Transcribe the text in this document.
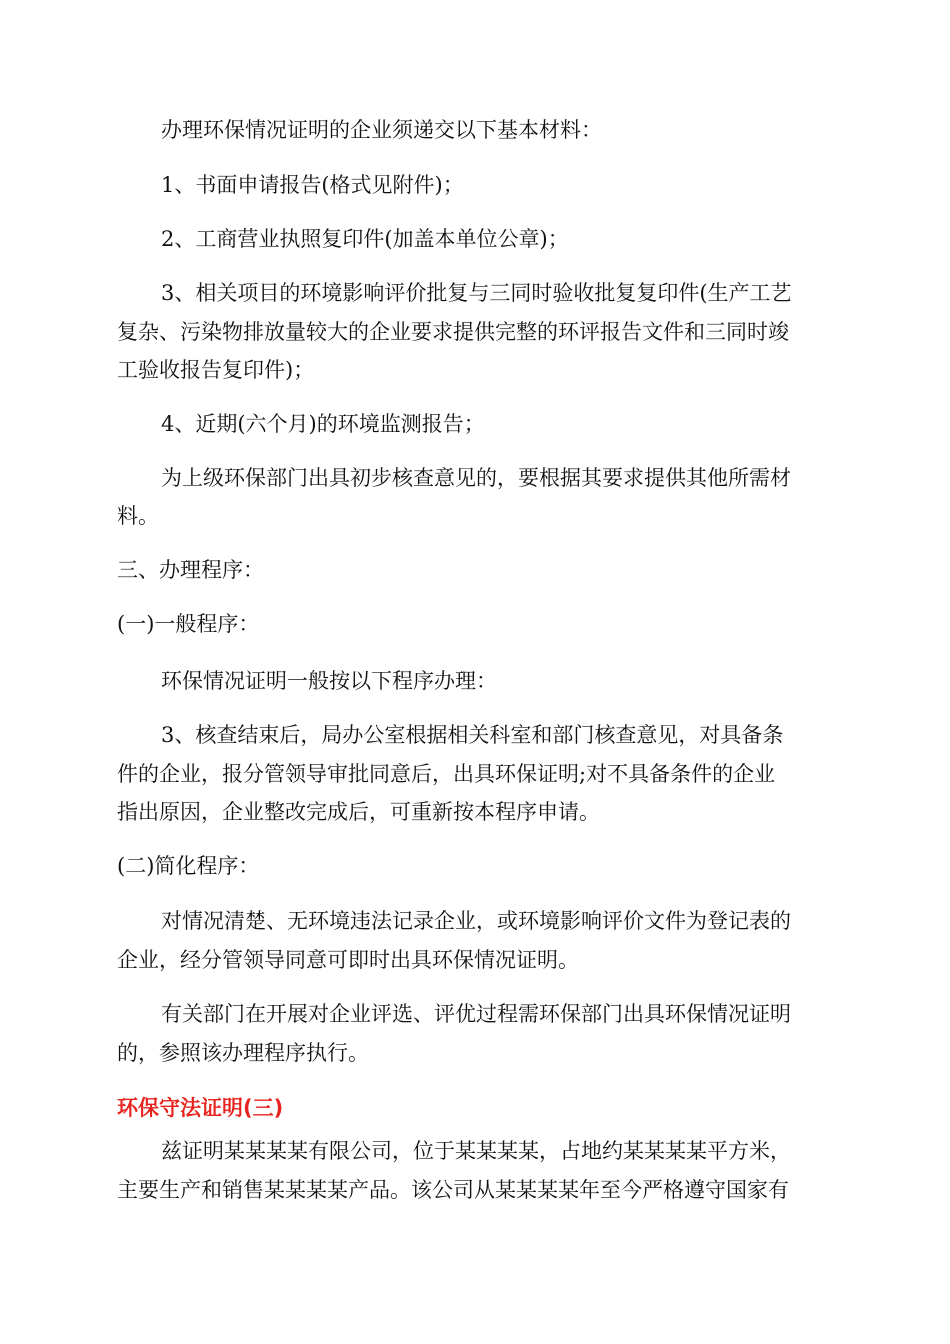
办理环保情况证明的企业须递交以下基本材料：
1、书面申请报告(格式见附件)；
2、工商营业执照复印件(加盖本单位公章)；
3、相关项目的环境影响评价批复与三同时验收批复复印件(生产工艺
复杂、污染物排放量较大的企业要求提供完整的环评报告文件和三同时竣
工验收报告复印件)；
4、近期(六个月)的环境监测报告；
为上级环保部门出具初步核查意见的，要根据其要求提供其他所需材
料。
三、办理程序：
(一)一般程序：
环保情况证明一般按以下程序办理：
3、核查结束后，局办公室根据相关科室和部门核查意见，对具备条
件的企业，报分管领导审批同意后，出具环保证明;对不具备条件的企业
指出原因，企业整改完成后，可重新按本程序申请。
(二)简化程序：
对情况清楚、无环境违法记录企业，或环境影响评价文件为登记表的
企业，经分管领导同意可即时出具环保情况证明。
有关部门在开展对企业评选、评优过程需环保部门出具环保情况证明
的，参照该办理程序执行。
环保守法证明(三)
兹证明某某某某有限公司，位于某某某某，占地约某某某某平方米，
主要生产和销售某某某某产品。该公司从某某某某年至今严格遵守国家有
